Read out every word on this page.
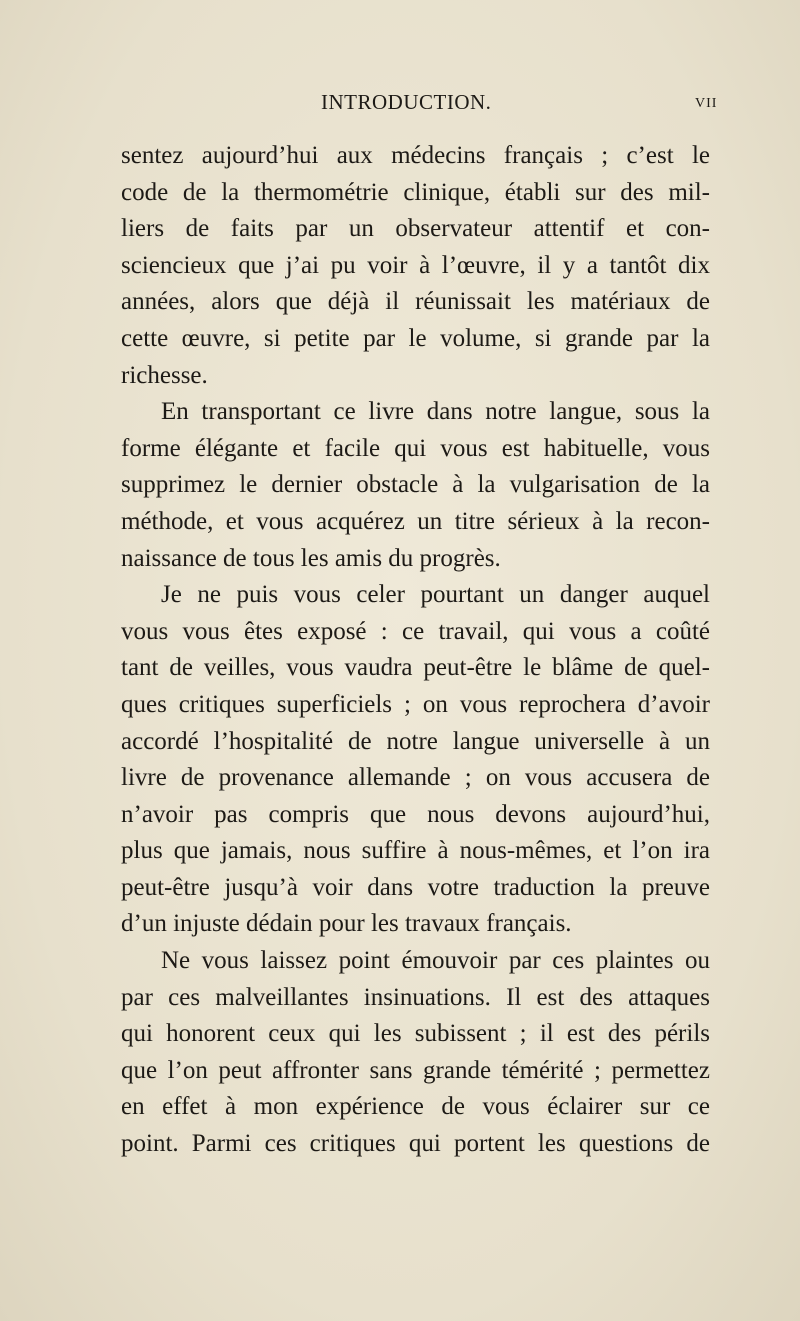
INTRODUCTION.	VII
sentez aujourd’hui aux médecins français ; c’est le
code de la thermométrie clinique, établi sur des mil-
liers de faits par un observateur attentif et con-
sciencieux que j’ai pu voir à l’œuvre, il y a tantôt dix
années, alors que déjà il réunissait les matériaux de
cette œuvre, si petite par le volume, si grande par la
richesse.
En transportant ce livre dans notre langue, sous la
forme élégante et facile qui vous est habituelle, vous
supprimez le dernier obstacle à la vulgarisation de la
méthode, et vous acquérez un titre sérieux à la recon-
naissance de tous les amis du progrès.
Je ne puis vous celer pourtant un danger auquel
vous vous êtes exposé : ce travail, qui vous a coûté
tant de veilles, vous vaudra peut-être le blâme de quel-
ques critiques superficiels ; on vous reprochera d’avoir
accordé l’hospitalité de notre langue universelle à un
livre de provenance allemande ; on vous accusera de
n’avoir pas compris que nous devons aujourd’hui,
plus que jamais, nous suffire à nous-mêmes, et l’on ira
peut-être jusqu’à voir dans votre traduction la preuve
d’un injuste dédain pour les travaux français.
Ne vous laissez point émouvoir par ces plaintes ou
par ces malveillantes insinuations. Il est des attaques
qui honorent ceux qui les subissent ; il est des périls
que l’on peut affronter sans grande témérité ; permettez
en effet à mon expérience de vous éclairer sur ce
point. Parmi ces critiques qui portent les questions de
